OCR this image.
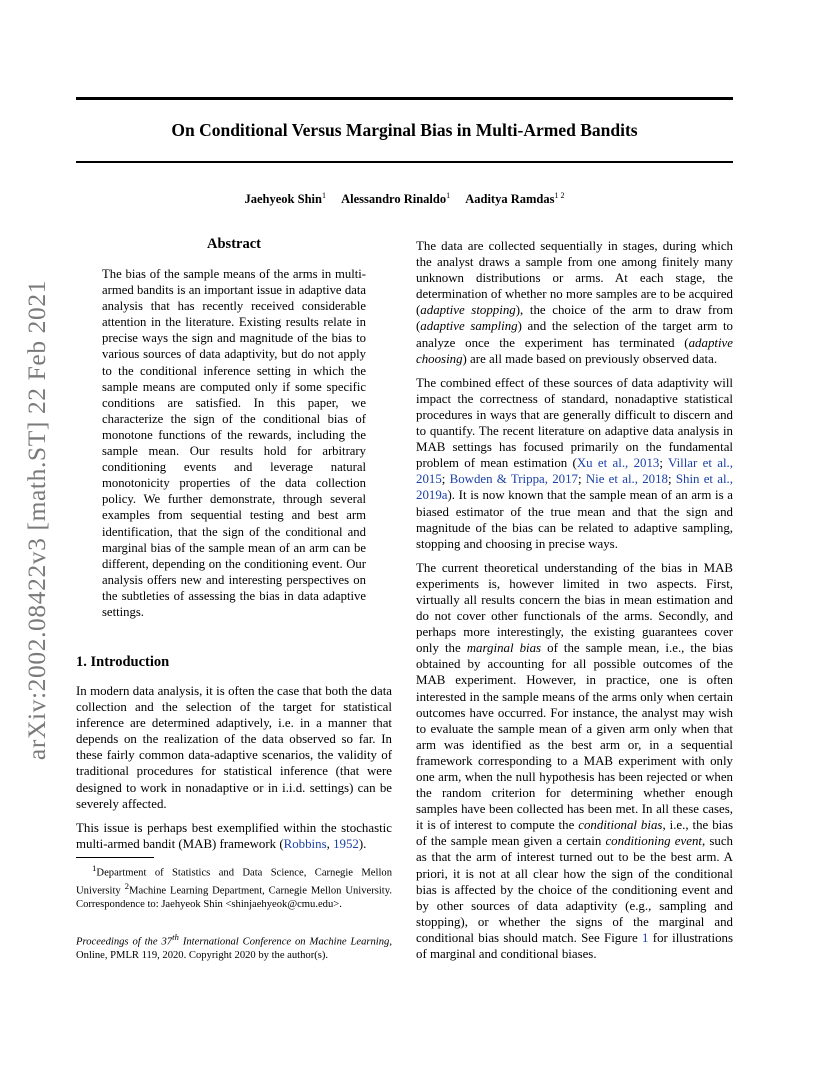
On Conditional Versus Marginal Bias in Multi-Armed Bandits
Jaehyeok Shin$^1$ Alessandro Rinaldo$^1$ Aaditya Ramdas$^{1 2}$
arXiv:2002.08422v3 [math.ST] 22 Feb 2021
Abstract
The bias of the sample means of the arms in multi-armed bandits is an important issue in adaptive data analysis that has recently received considerable attention in the literature. Existing results relate in precise ways the sign and magnitude of the bias to various sources of data adaptivity, but do not apply to the conditional inference setting in which the sample means are computed only if some specific conditions are satisfied. In this paper, we characterize the sign of the conditional bias of monotone functions of the rewards, including the sample mean. Our results hold for arbitrary conditioning events and leverage natural monotonicity properties of the data collection policy. We further demonstrate, through several examples from sequential testing and best arm identification, that the sign of the conditional and marginal bias of the sample mean of an arm can be different, depending on the conditioning event. Our analysis offers new and interesting perspectives on the subtleties of assessing the bias in data adaptive settings.
1. Introduction

In modern data analysis, it is often the case that both the data collection and the selection of the target for statistical inference are determined adaptively, i.e. in a manner that depends on the realization of the data observed so far. In these fairly common data-adaptive scenarios, the validity of traditional procedures for statistical inference (that were designed to work in nonadaptive or in i.i.d. settings) can be severely affected.

This issue is perhaps best exemplified within the stochastic multi-armed bandit (MAB) framework (Robbins, 1952).

$^1$Department of Statistics and Data Science, Carnegie Mellon University $^2$Machine Learning Department, Carnegie Mellon University. Correspondence to: Jaehyeok Shin <shinjaehyeok@cmu.edu>.
Proceedings of the 37th International Conference on Machine Learning, Online, PMLR 119, 2020. Copyright 2020 by the author(s).

The data are collected sequentially in stages, during which the analyst draws a sample from one among finitely many unknown distributions or arms. At each stage, the determination of whether no more samples are to be acquired (adaptive stopping), the choice of the arm to draw from (adaptive sampling) and the selection of the target arm to analyze once the experiment has terminated (adaptive choosing) are all made based on previously observed data.

The combined effect of these sources of data adaptivity will impact the correctness of standard, nonadaptive statistical procedures in ways that are generally difficult to discern and to quantify. The recent literature on adaptive data analysis in MAB settings has focused primarily on the fundamental problem of mean estimation (Xu et al., 2013; Villar et al., 2015; Bowden & Trippa, 2017; Nie et al., 2018; Shin et al., 2019a). It is now known that the sample mean of an arm is a biased estimator of the true mean and that the sign and magnitude of the bias can be related to adaptive sampling, stopping and choosing in precise ways.

The current theoretical understanding of the bias in MAB experiments is, however limited in two aspects. First, virtually all results concern the bias in mean estimation and do not cover other functionals of the arms. Secondly, and perhaps more interestingly, the existing guarantees cover only the marginal bias of the sample mean, i.e., the bias obtained by accounting for all possible outcomes of the MAB experiment. However, in practice, one is often interested in the sample means of the arms only when certain outcomes have occurred. For instance, the analyst may wish to evaluate the sample mean of a given arm only when that arm was identified as the best arm or, in a sequential framework corresponding to a MAB experiment with only one arm, when the null hypothesis has been rejected or when the random criterion for determining whether enough samples have been collected has been met. In all these cases, it is of interest to compute the conditional bias, i.e., the bias of the sample mean given a certain conditioning event, such as that the arm of interest turned out to be the best arm. A priori, it is not at all clear how the sign of the conditional bias is affected by the choice of the conditioning event and by other sources of data adaptivity (e.g., sampling and stopping), or whether the signs of the marginal and conditional bias should match. See Figure 1 for illustrations of marginal and conditional biases.
